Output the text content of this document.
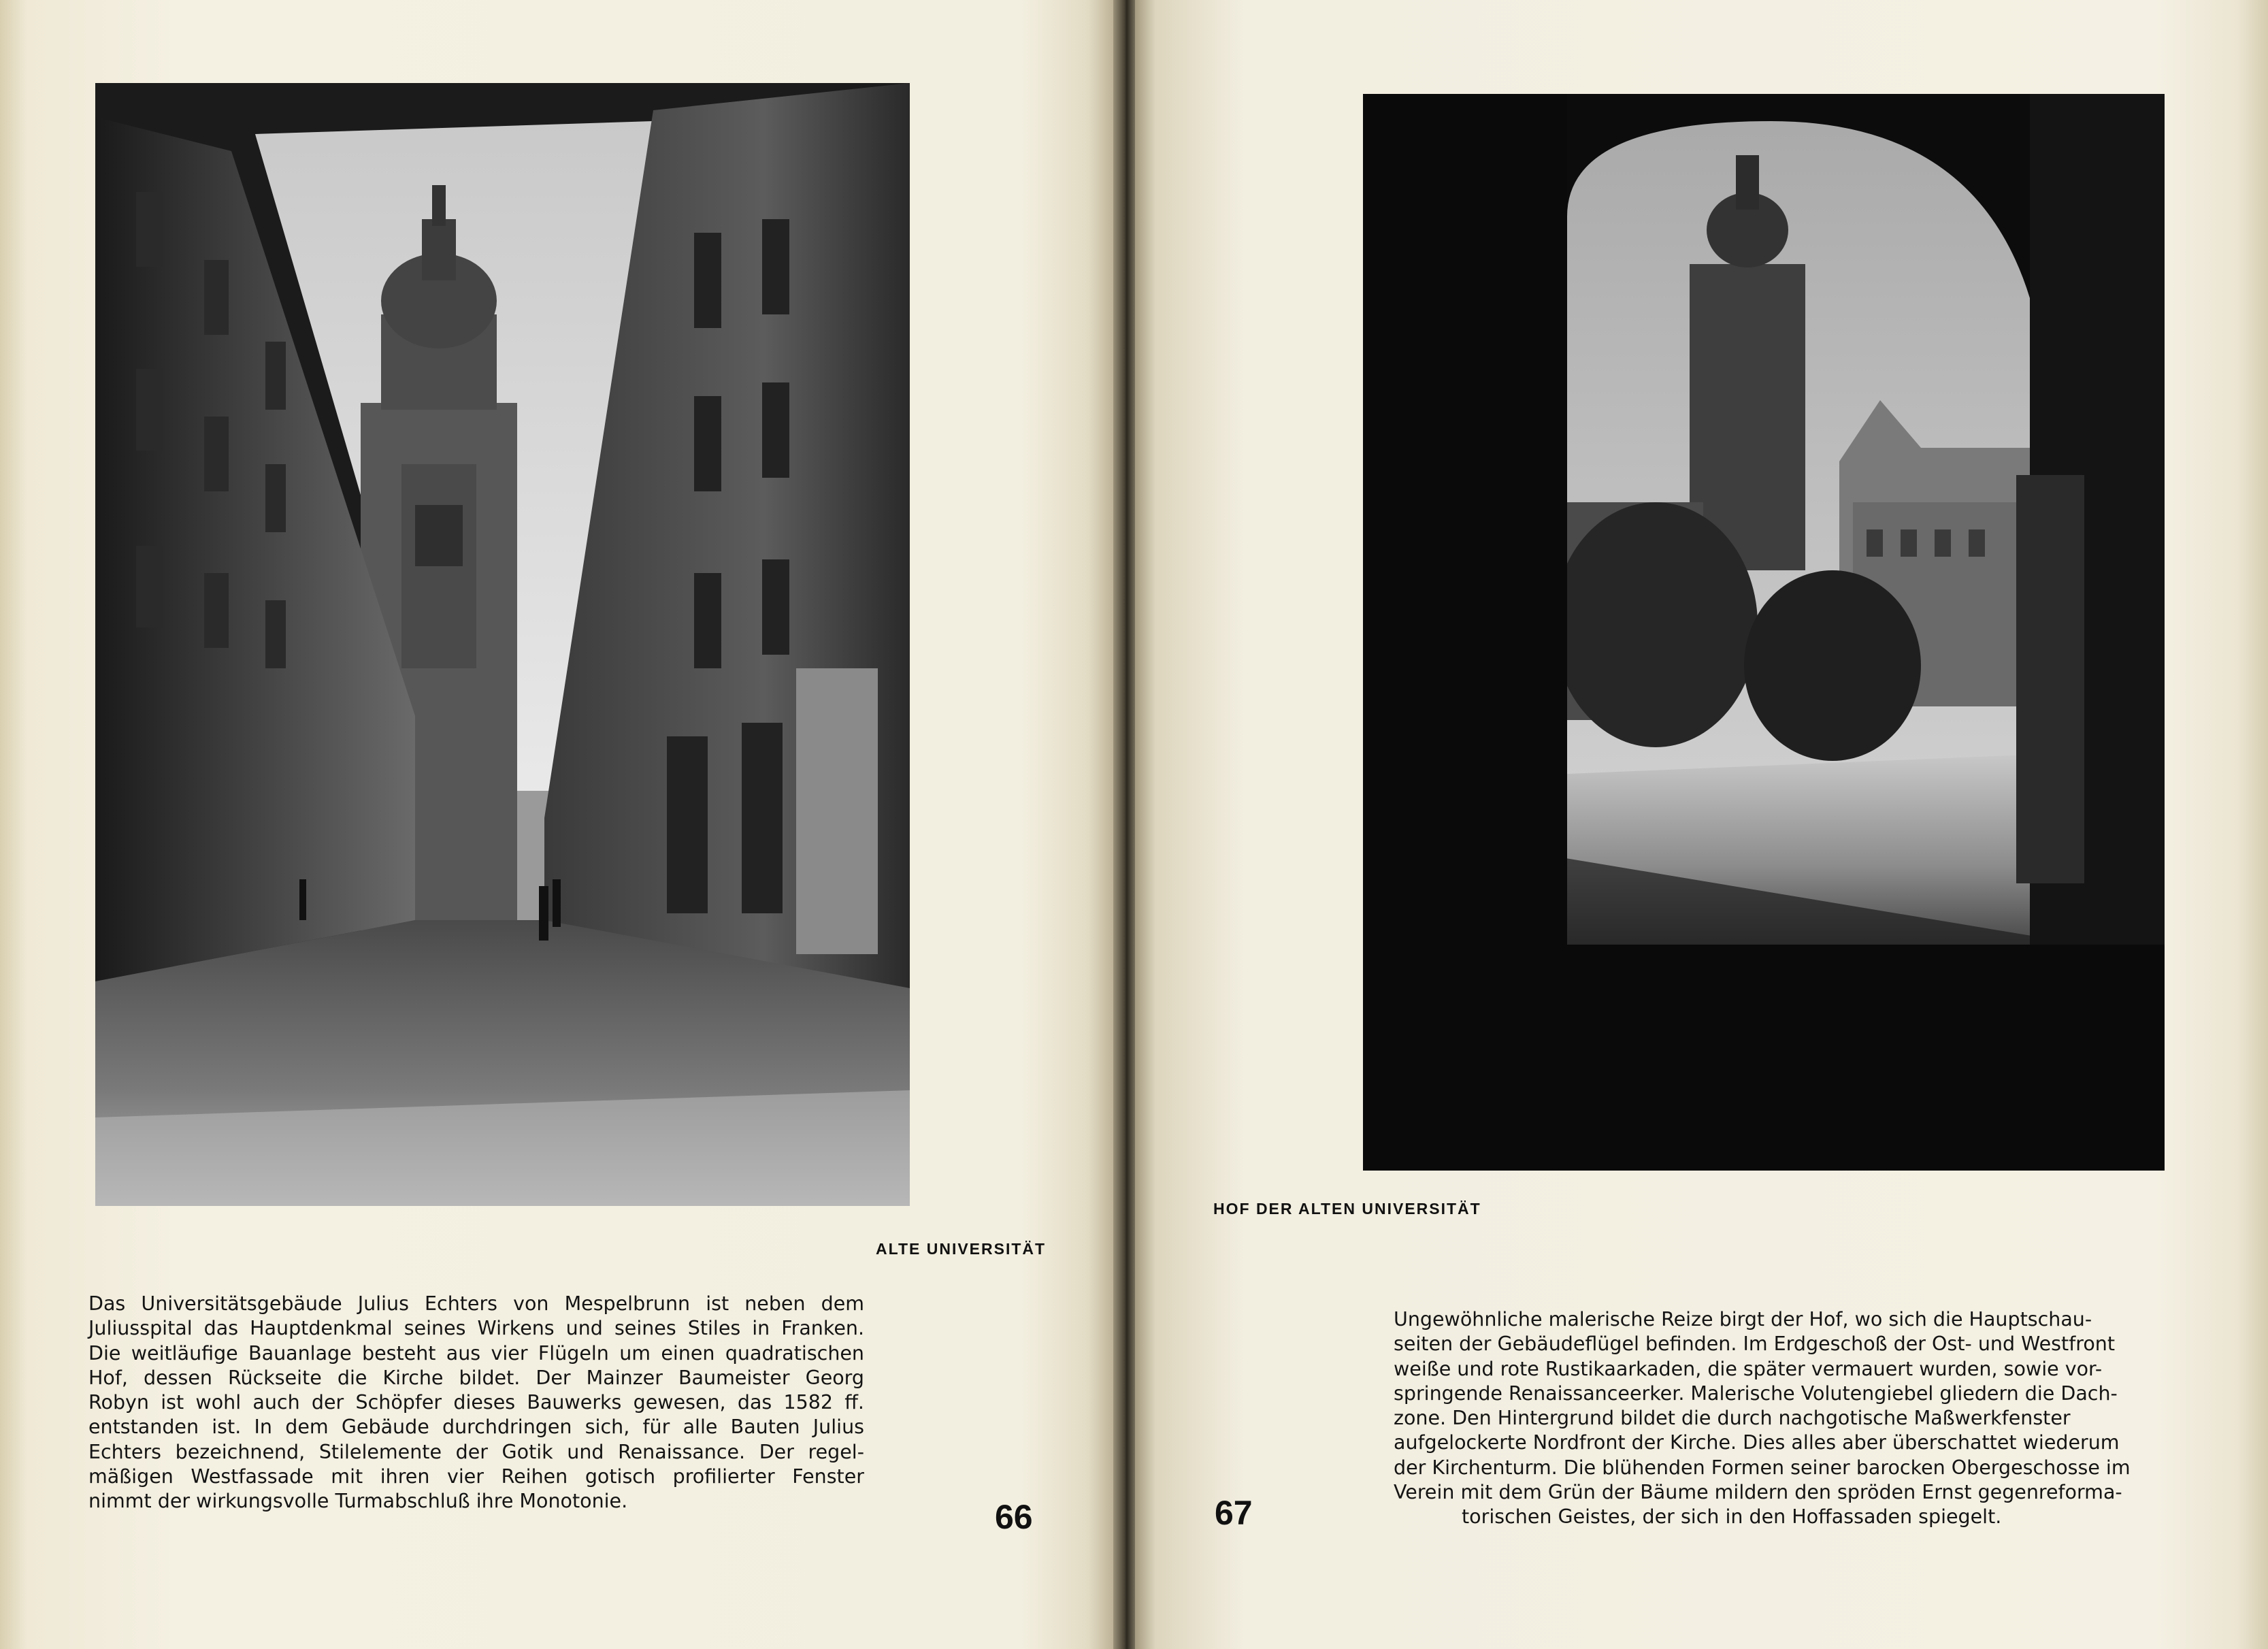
ALTE UNIVERSITÄT
Das Universitätsgebäude Julius Echters von Mespelbrunn ist neben dem
Juliusspital das Hauptdenkmal seines Wirkens und seines Stiles in Franken.
Die weitläufige Bauanlage besteht aus vier Flügeln um einen quadratischen
Hof, dessen Rückseite die Kirche bildet. Der Mainzer Baumeister Georg
Robyn ist wohl auch der Schöpfer dieses Bauwerks gewesen, das 1582 ff.
entstanden ist. In dem Gebäude durchdringen sich, für alle Bauten Julius
Echters bezeichnend, Stilelemente der Gotik und Renaissance. Der regel-
mäßigen Westfassade mit ihren vier Reihen gotisch profilierter Fenster
nimmt der wirkungsvolle Turmabschluß ihre Monotonie.	66
HOF DER ALTEN UNIVERSITÄT
Ungewöhnliche malerische Reize birgt der Hof, wo sich die Hauptschau-
seiten der Gebäudeflügel befinden. Im Erdgeschoß der Ost- und Westfront
weiße und rote Rustikaarkaden, die später vermauert wurden, sowie vor-
springende Renaissanceerker. Malerische Volutengiebel gliedern die Dach-
zone. Den Hintergrund bildet die durch nachgotische Maßwerkfenster
aufgelockerte Nordfront der Kirche. Dies alles aber überschattet wiederum
der Kirchenturm. Die blühenden Formen seiner barocken Obergeschosse im
Verein mit dem Grün der Bäume mildern den spröden Ernst gegenreforma-
torischen Geistes, der sich in den Hoffassaden spiegelt.
67
